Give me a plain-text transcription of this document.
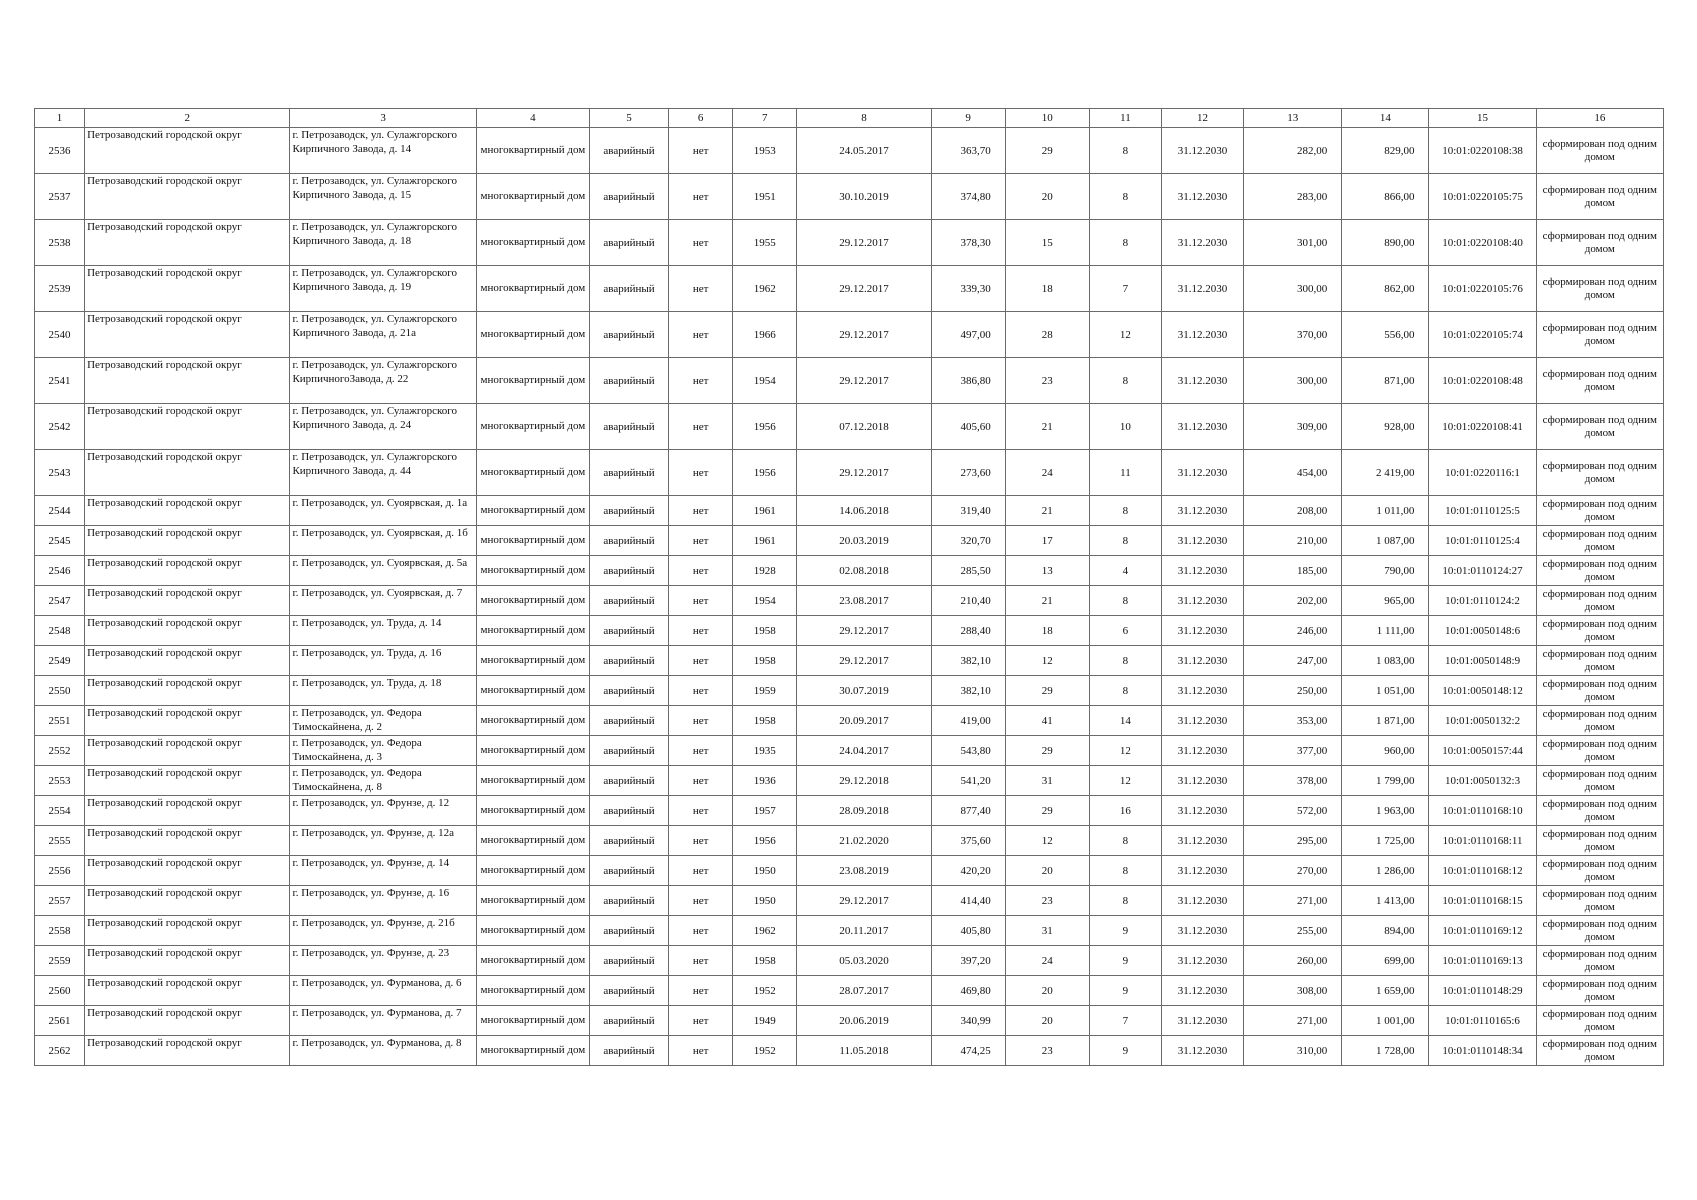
1	2	3	4	5	6	7	8	9	10	11	12	13	14	15	16
2536	Петрозаводский городской округ	г. Петрозаводск, ул. Сулажгорского Кирпичного Завода, д. 14	многоквартирный дом	аварийный	нет	1953	24.05.2017	363,70	29	8	31.12.2030	282,00	829,00	10:01:0220108:38	сформирован под одним домом
2537	Петрозаводский городской округ	г. Петрозаводск, ул. Сулажгорского Кирпичного Завода, д. 15	многоквартирный дом	аварийный	нет	1951	30.10.2019	374,80	20	8	31.12.2030	283,00	866,00	10:01:0220105:75	сформирован под одним домом
2538	Петрозаводский городской округ	г. Петрозаводск, ул. Сулажгорского Кирпичного Завода, д. 18	многоквартирный дом	аварийный	нет	1955	29.12.2017	378,30	15	8	31.12.2030	301,00	890,00	10:01:0220108:40	сформирован под одним домом
2539	Петрозаводский городской округ	г. Петрозаводск, ул. Сулажгорского Кирпичного Завода, д. 19	многоквартирный дом	аварийный	нет	1962	29.12.2017	339,30	18	7	31.12.2030	300,00	862,00	10:01:0220105:76	сформирован под одним домом
2540	Петрозаводский городской округ	г. Петрозаводск, ул. Сулажгорского Кирпичного Завода, д. 21а	многоквартирный дом	аварийный	нет	1966	29.12.2017	497,00	28	12	31.12.2030	370,00	556,00	10:01:0220105:74	сформирован под одним домом
2541	Петрозаводский городской округ	г. Петрозаводск, ул. Сулажгорского КирпичногоЗавода, д. 22	многоквартирный дом	аварийный	нет	1954	29.12.2017	386,80	23	8	31.12.2030	300,00	871,00	10:01:0220108:48	сформирован под одним домом
2542	Петрозаводский городской округ	г. Петрозаводск, ул. Сулажгорского Кирпичного Завода, д. 24	многоквартирный дом	аварийный	нет	1956	07.12.2018	405,60	21	10	31.12.2030	309,00	928,00	10:01:0220108:41	сформирован под одним домом
2543	Петрозаводский городской округ	г. Петрозаводск, ул. Сулажгорского Кирпичного Завода, д. 44	многоквартирный дом	аварийный	нет	1956	29.12.2017	273,60	24	11	31.12.2030	454,00	2 419,00	10:01:0220116:1	сформирован под одним домом
2544	Петрозаводский городской округ	г. Петрозаводск, ул. Суоярвская, д. 1а	многоквартирный дом	аварийный	нет	1961	14.06.2018	319,40	21	8	31.12.2030	208,00	1 011,00	10:01:0110125:5	сформирован под одним домом
2545	Петрозаводский городской округ	г. Петрозаводск, ул. Суоярвская, д. 1б	многоквартирный дом	аварийный	нет	1961	20.03.2019	320,70	17	8	31.12.2030	210,00	1 087,00	10:01:0110125:4	сформирован под одним домом
2546	Петрозаводский городской округ	г. Петрозаводск, ул. Суоярвская, д. 5а	многоквартирный дом	аварийный	нет	1928	02.08.2018	285,50	13	4	31.12.2030	185,00	790,00	10:01:0110124:27	сформирован под одним домом
2547	Петрозаводский городской округ	г. Петрозаводск, ул. Суоярвская, д. 7	многоквартирный дом	аварийный	нет	1954	23.08.2017	210,40	21	8	31.12.2030	202,00	965,00	10:01:0110124:2	сформирован под одним домом
2548	Петрозаводский городской округ	г. Петрозаводск, ул. Труда, д. 14	многоквартирный дом	аварийный	нет	1958	29.12.2017	288,40	18	6	31.12.2030	246,00	1 111,00	10:01:0050148:6	сформирован под одним домом
2549	Петрозаводский городской округ	г. Петрозаводск, ул. Труда, д. 16	многоквартирный дом	аварийный	нет	1958	29.12.2017	382,10	12	8	31.12.2030	247,00	1 083,00	10:01:0050148:9	сформирован под одним домом
2550	Петрозаводский городской округ	г. Петрозаводск, ул. Труда, д. 18	многоквартирный дом	аварийный	нет	1959	30.07.2019	382,10	29	8	31.12.2030	250,00	1 051,00	10:01:0050148:12	сформирован под одним домом
2551	Петрозаводский городской округ	г. Петрозаводск, ул. Федора Тимоскайнена, д. 2	многоквартирный дом	аварийный	нет	1958	20.09.2017	419,00	41	14	31.12.2030	353,00	1 871,00	10:01:0050132:2	сформирован под одним домом
2552	Петрозаводский городской округ	г. Петрозаводск, ул. Федора Тимоскайнена, д. 3	многоквартирный дом	аварийный	нет	1935	24.04.2017	543,80	29	12	31.12.2030	377,00	960,00	10:01:0050157:44	сформирован под одним домом
2553	Петрозаводский городской округ	г. Петрозаводск, ул. Федора Тимоскайнена, д. 8	многоквартирный дом	аварийный	нет	1936	29.12.2018	541,20	31	12	31.12.2030	378,00	1 799,00	10:01:0050132:3	сформирован под одним домом
2554	Петрозаводский городской округ	г. Петрозаводск, ул. Фрунзе, д. 12	многоквартирный дом	аварийный	нет	1957	28.09.2018	877,40	29	16	31.12.2030	572,00	1 963,00	10:01:0110168:10	сформирован под одним домом
2555	Петрозаводский городской округ	г. Петрозаводск, ул. Фрунзе, д. 12а	многоквартирный дом	аварийный	нет	1956	21.02.2020	375,60	12	8	31.12.2030	295,00	1 725,00	10:01:0110168:11	сформирован под одним домом
2556	Петрозаводский городской округ	г. Петрозаводск, ул. Фрунзе, д. 14	многоквартирный дом	аварийный	нет	1950	23.08.2019	420,20	20	8	31.12.2030	270,00	1 286,00	10:01:0110168:12	сформирован под одним домом
2557	Петрозаводский городской округ	г. Петрозаводск, ул. Фрунзе, д. 16	многоквартирный дом	аварийный	нет	1950	29.12.2017	414,40	23	8	31.12.2030	271,00	1 413,00	10:01:0110168:15	сформирован под одним домом
2558	Петрозаводский городской округ	г. Петрозаводск, ул. Фрунзе, д. 21б	многоквартирный дом	аварийный	нет	1962	20.11.2017	405,80	31	9	31.12.2030	255,00	894,00	10:01:0110169:12	сформирован под одним домом
2559	Петрозаводский городской округ	г. Петрозаводск, ул. Фрунзе, д. 23	многоквартирный дом	аварийный	нет	1958	05.03.2020	397,20	24	9	31.12.2030	260,00	699,00	10:01:0110169:13	сформирован под одним домом
2560	Петрозаводский городской округ	г. Петрозаводск, ул. Фурманова, д. 6	многоквартирный дом	аварийный	нет	1952	28.07.2017	469,80	20	9	31.12.2030	308,00	1 659,00	10:01:0110148:29	сформирован под одним домом
2561	Петрозаводский городской округ	г. Петрозаводск, ул. Фурманова, д. 7	многоквартирный дом	аварийный	нет	1949	20.06.2019	340,99	20	7	31.12.2030	271,00	1 001,00	10:01:0110165:6	сформирован под одним домом
2562	Петрозаводский городской округ	г. Петрозаводск, ул. Фурманова, д. 8	многоквартирный дом	аварийный	нет	1952	11.05.2018	474,25	23	9	31.12.2030	310,00	1 728,00	10:01:0110148:34	сформирован под одним домом
